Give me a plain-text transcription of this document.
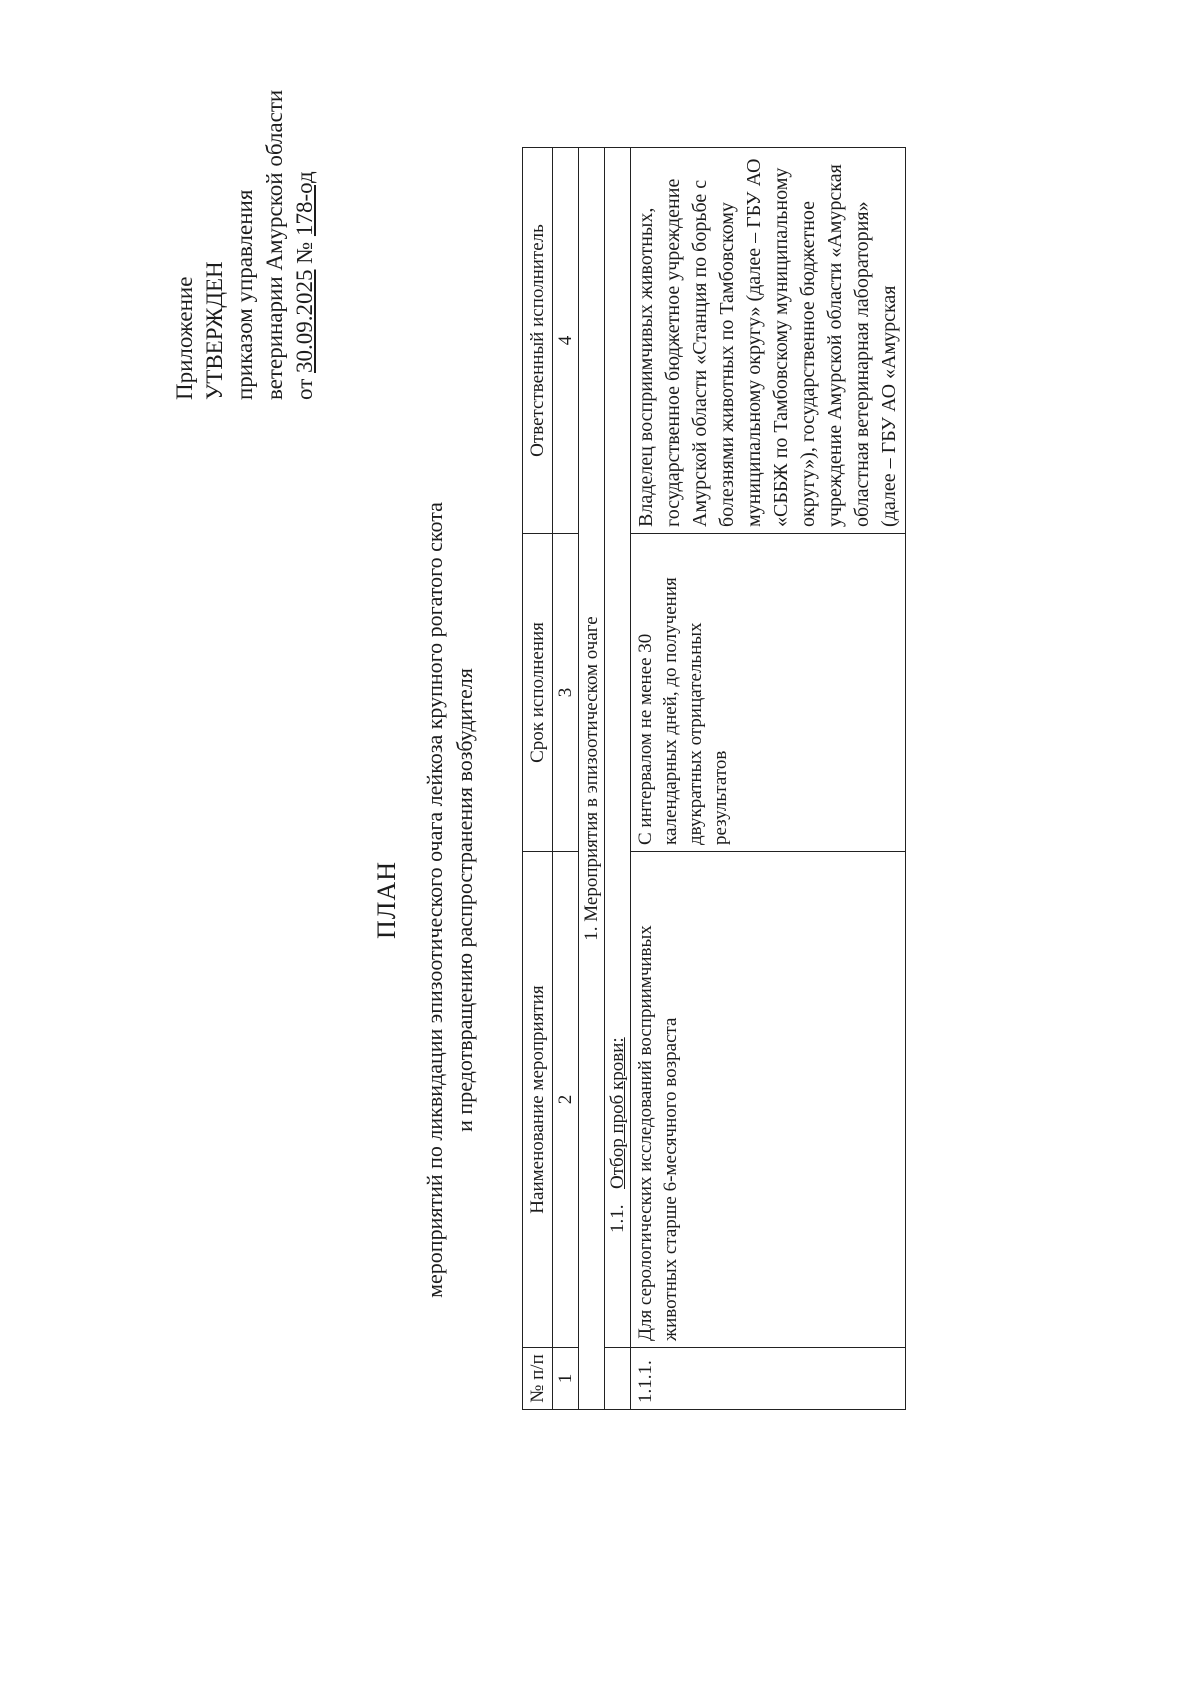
Приложение УТВЕРЖДЕН приказом управления ветеринарии Амурской области от 30.09.2025 № 178-од
ПЛАН мероприятий по ликвидации эпизоотического очага лейкоза крупного рогатого скота и предотвращению распространения возбудителя
№ п/п	Наименование мероприятия	Срок исполнения	Ответственный исполнитель
1	2	3	4
1. Мероприятия в эпизоотическом очаге			
	1.1.Отбор проб крови:		
1.1.1.	Для серологических исследований восприимчивых животных старше 6-месячного возраста	С интервалом не менее 30 календарных дней, до получения двукратных отрицательных результатов	Владелец восприимчивых животных, государственное бюджетное учреждение Амурской области «Станция по борьбе с болезнями животных по Тамбовскому муниципальному округу» (далее – ГБУ АО «СББЖ по Тамбовскому муниципальному округу»), государственное бюджетное учреждение Амурской области «Амурская областная ветеринарная лаборатория» (далее – ГБУ АО «Амурская
